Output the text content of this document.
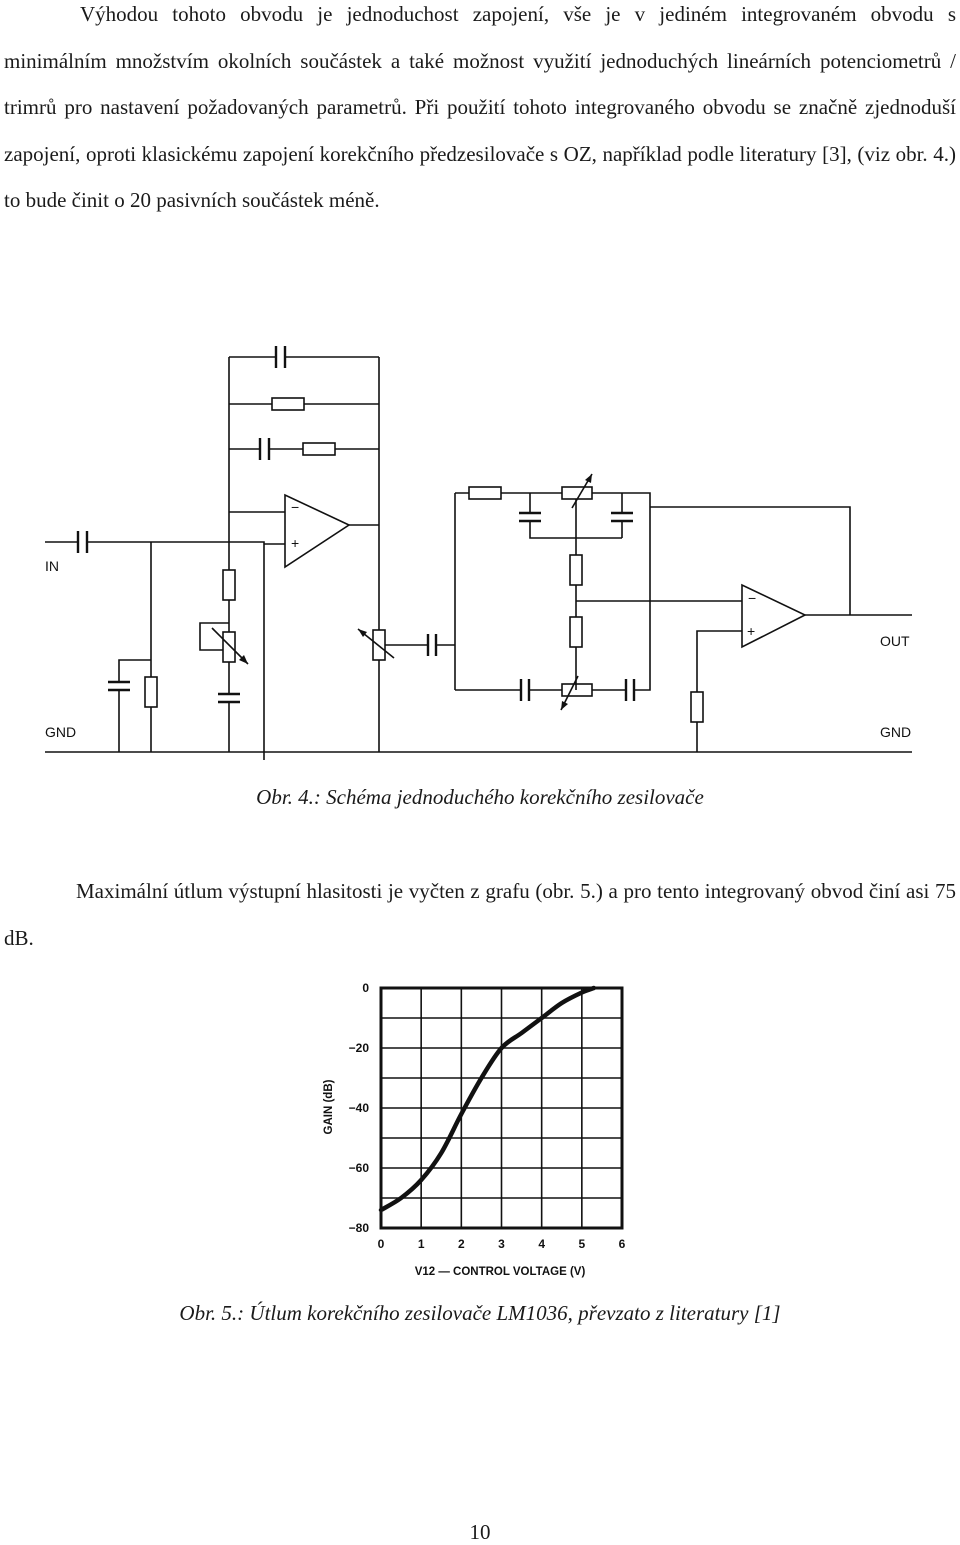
Výhodou tohoto obvodu je jednoduchost zapojení, vše je v jediném integrovaném obvodu s minimálním množstvím okolních součástek a také možnost využití jednoduchých lineárních potenciometrů / trimrů pro nastavení požadovaných parametrů. Při použití tohoto integrovaného obvodu se značně zjednoduší zapojení, oproti klasickému zapojení korekčního předzesilovače s OZ, například podle literatury [3], (viz obr. 4.) to bude činit o 20 pasivních součástek méně.

IN
GND
OUT
GND
−
+
−
+

Obr. 4.: Schéma jednoduchého korekčního zesilovače

Maximální útlum výstupní hlasitosti je vyčten z grafu (obr. 5.) a pro tento integrovaný obvod činí asi 75 dB.

0	1	2	3	4	5	6
0
−20
−40
−60
−80
V12 — CONTROL VOLTAGE (V)
GAIN (dB)

Obr. 5.: Útlum korekčního zesilovače LM1036, převzato z literatury [1]

10
